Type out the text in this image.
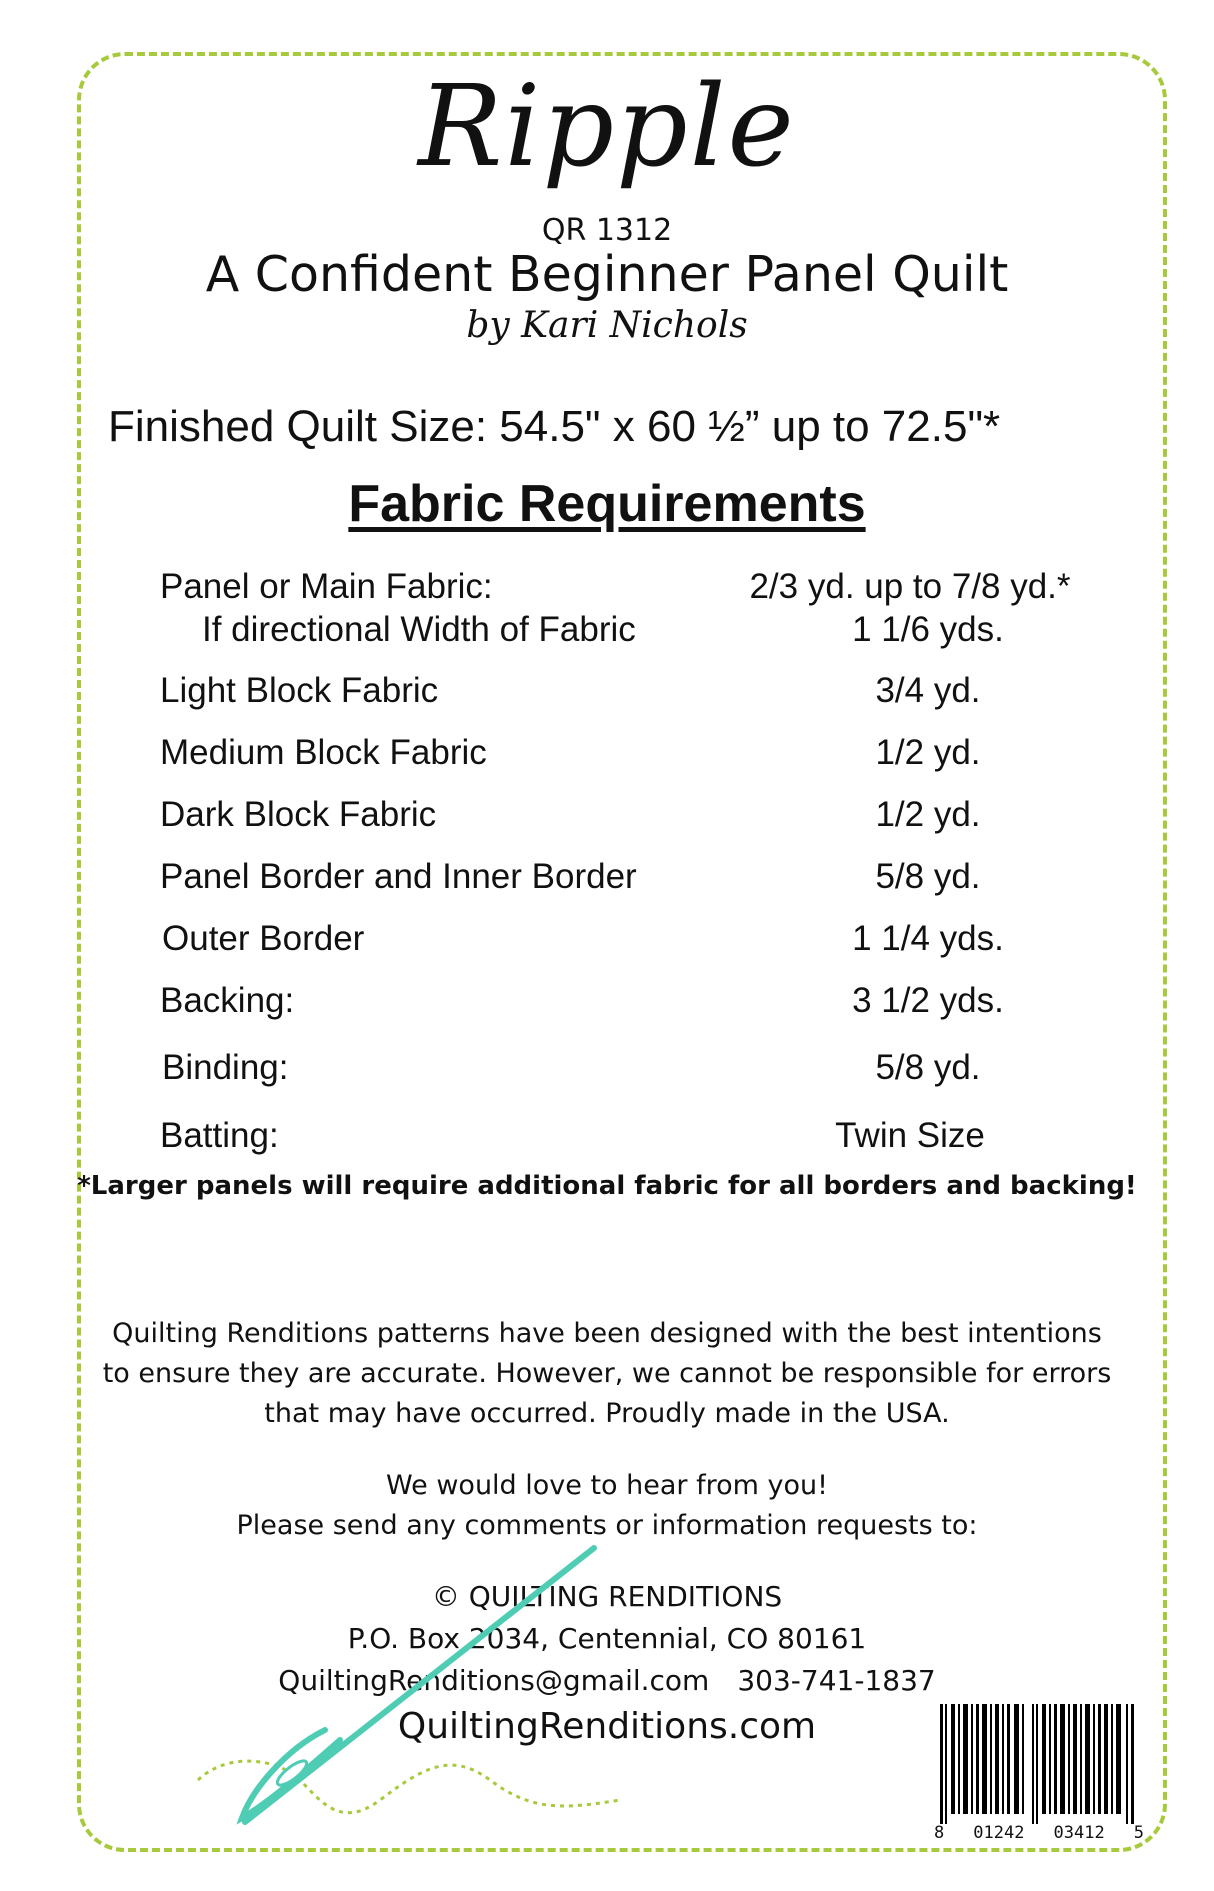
Ripple
QR 1312
A Confident Beginner Panel Quilt
by Kari Nichols
Finished Quilt Size: 54.5" x 60 ½” up to 72.5"*
Fabric Requirements
Panel or Main Fabric:	2/3 yd. up to 7/8 yd.*
If directional Width of Fabric	1 1/6 yds.
Light Block Fabric	3/4 yd.
Medium Block Fabric	1/2 yd.
Dark Block Fabric	1/2 yd.
Panel Border and Inner Border	5/8 yd.
Outer Border	1 1/4 yds.
Backing:	3 1/2 yds.
Binding:	5/8 yd.
Batting:	Twin Size
*Larger panels will require additional fabric for all borders and backing!
Quilting Renditions patterns have been designed with the best intentions
to ensure they are accurate. However, we cannot be responsible for errors
that may have occurred. Proudly made in the USA.
We would love to hear from you!
Please send any comments or information requests to:
© QUILTING RENDITIONS
P.O. Box 2034, Centennial, CO 80161
QuiltingRenditions@gmail.com 303-741-1837
QuiltingRenditions.com
8 01242 03412 5
